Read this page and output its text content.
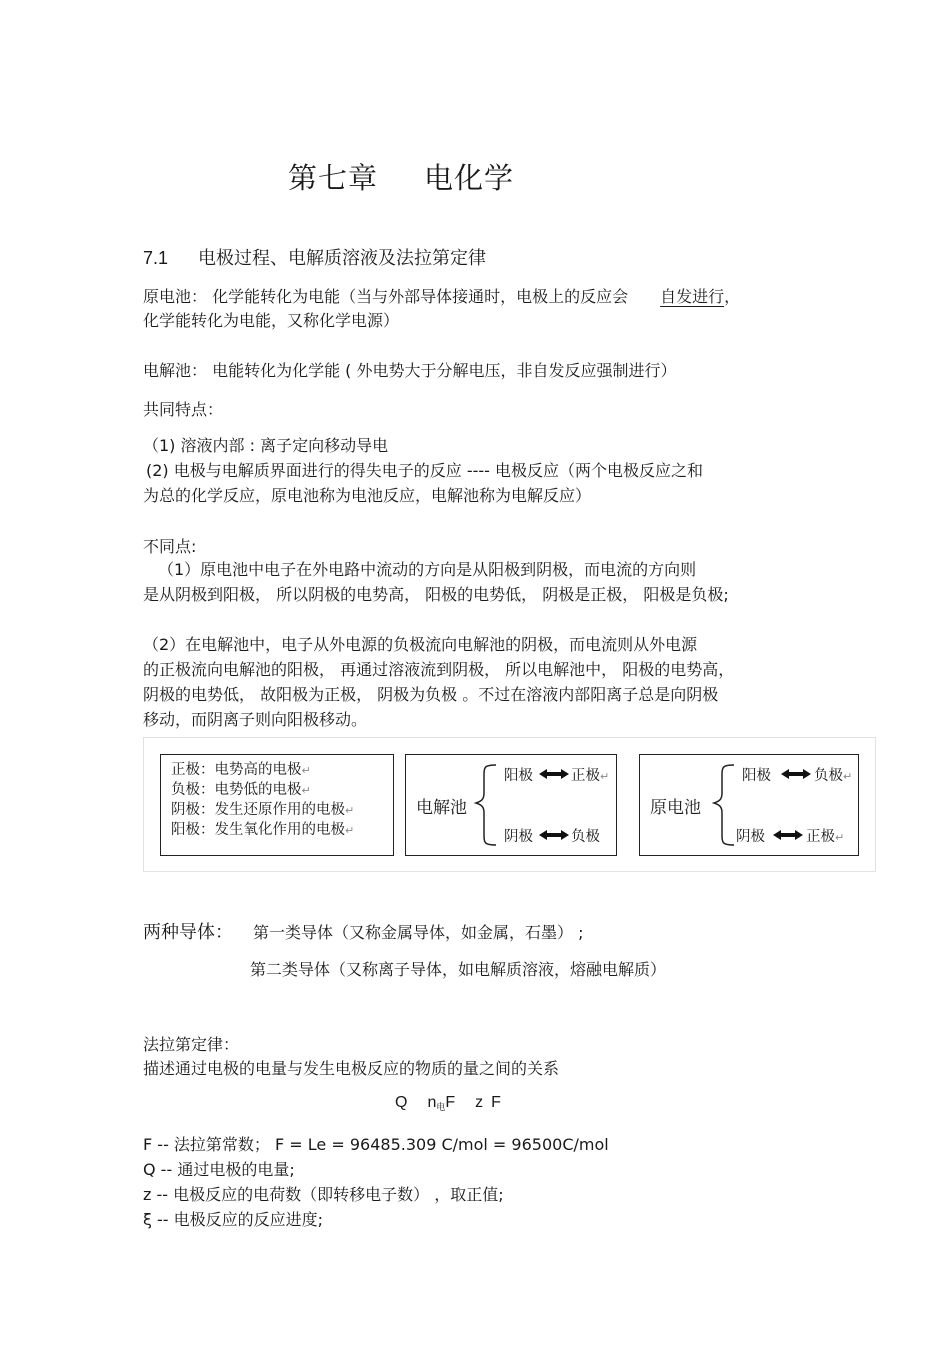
第七章 电化学
7.1 电极过程、电解质溶液及法拉第定律
原电池： 化学能转化为电能（当与外部导体接通时，电极上的反应会 自发进行，
化学能转化为电能，又称化学电源）
电解池： 电能转化为化学能 ( 外电势大于分解电压，非自发反应强制进行）
共同特点：
（1) 溶液内部 : 离子定向移动导电
(2) 电极与电解质界面进行的得失电子的反应 ---- 电极反应（两个电极反应之和
为总的化学反应，原电池称为电池反应，电解池称为电解反应）
不同点:
（1）原电池中电子在外电路中流动的方向是从阳极到阴极，而电流的方向则
是从阴极到阳极， 所以阴极的电势高， 阳极的电势低， 阴极是正极， 阳极是负极;
（2）在电解池中，电子从外电源的负极流向电解池的阴极，而电流则从外电源
的正极流向电解池的阳极， 再通过溶液流到阴极， 所以电解池中， 阳极的电势高，
阴极的电势低， 故阳极为正极， 阴极为负极 。不过在溶液内部阳离子总是向阴极
移动，而阴离子则向阳极移动。
正极：电势高的电极↵
负极：电势低的电极↵
阴极：发生还原作用的电极↵
阳极：发生氧化作用的电极↵
电解池
阳极	正极↵
阴极	负极
原电池
阳极	负极↵
阴极	正极↵
两种导体： 第一类导体（又称金属导体，如金属，石墨） ;
第二类导体（又称离子导体，如电解质溶液，熔融电解质）
法拉第定律：
描述通过电极的电量与发生电极反应的物质的量之间的关系
Q $n_电F$ z F
F -- 法拉第常数； F = Le = 96485.309 C/mol = 96500C/mol
Q -- 通过电极的电量;
z -- 电极反应的电荷数（即转移电子数） ，取正值;
ξ -- 电极反应的反应进度;
